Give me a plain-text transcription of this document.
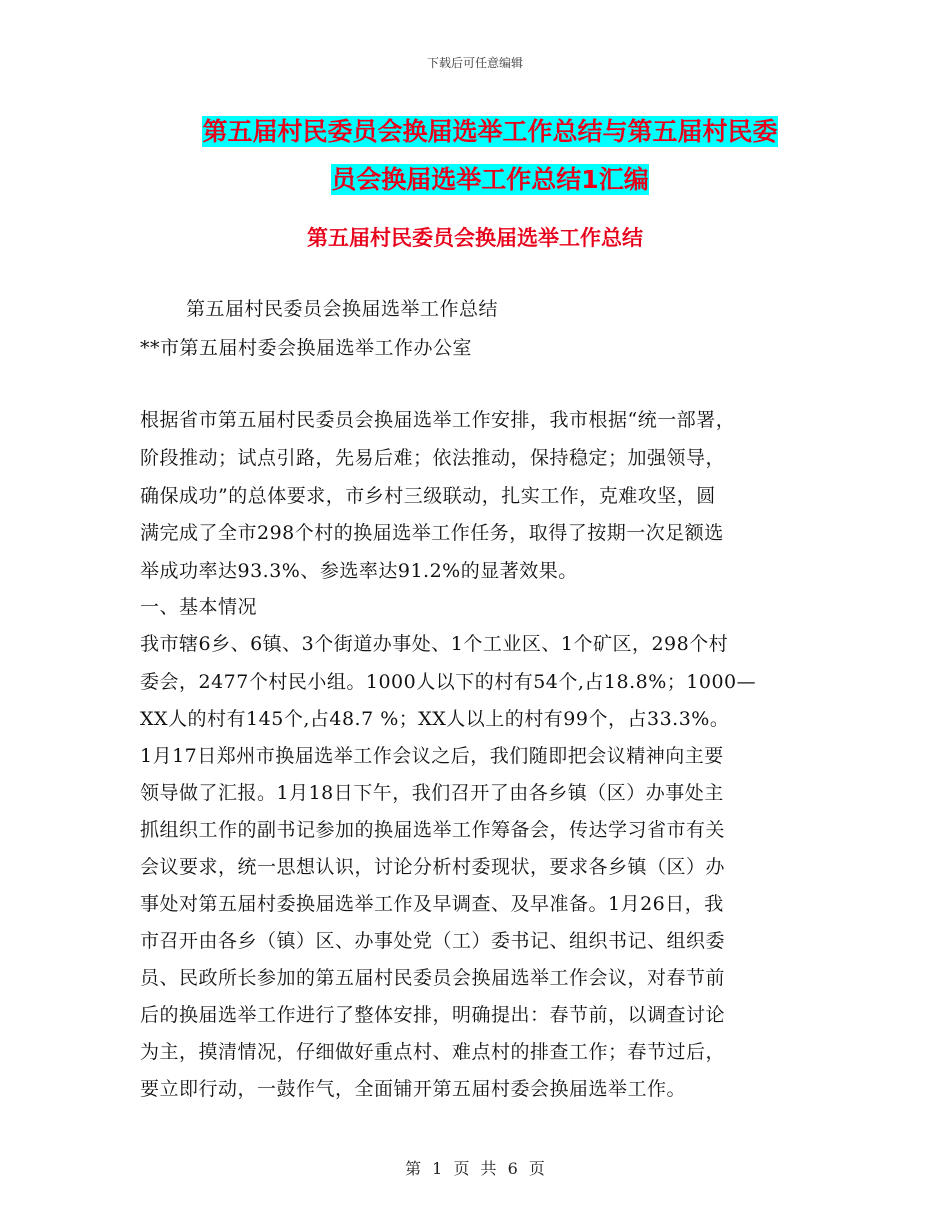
下载后可任意编辑
第五届村民委员会换届选举工作总结与第五届村民委
员会换届选举工作总结1汇编
第五届村民委员会换届选举工作总结
第五届村民委员会换届选举工作总结
**市第五届村委会换届选举工作办公室
根据省市第五届村民委员会换届选举工作安排，我市根据“统一部署，
阶段推动；试点引路，先易后难；依法推动，保持稳定；加强领导，
确保成功”的总体要求，市乡村三级联动，扎实工作，克难攻坚，圆
满完成了全市298个村的换届选举工作任务，取得了按期一次足额选
举成功率达93.3%、参选率达91.2%的显著效果。
一、基本情况
我市辖6乡、6镇、3个街道办事处、1个工业区、1个矿区，298个村
委会，2477个村民小组。1000人以下的村有54个,占18.8%；1000—
XX人的村有145个,占48.7 %；XX人以上的村有99个，占33.3%。
1月17日郑州市换届选举工作会议之后，我们随即把会议精神向主要
领导做了汇报。1月18日下午，我们召开了由各乡镇（区）办事处主
抓组织工作的副书记参加的换届选举工作筹备会，传达学习省市有关
会议要求，统一思想认识，讨论分析村委现状，要求各乡镇（区）办
事处对第五届村委换届选举工作及早调查、及早准备。1月26日，我
市召开由各乡（镇）区、办事处党（工）委书记、组织书记、组织委
员、民政所长参加的第五届村民委员会换届选举工作会议，对春节前
后的换届选举工作进行了整体安排，明确提出：春节前，以调查讨论
为主，摸清情况，仔细做好重点村、难点村的排查工作；春节过后，
要立即行动，一鼓作气，全面铺开第五届村委会换届选举工作。
第 1 页 共 6 页
